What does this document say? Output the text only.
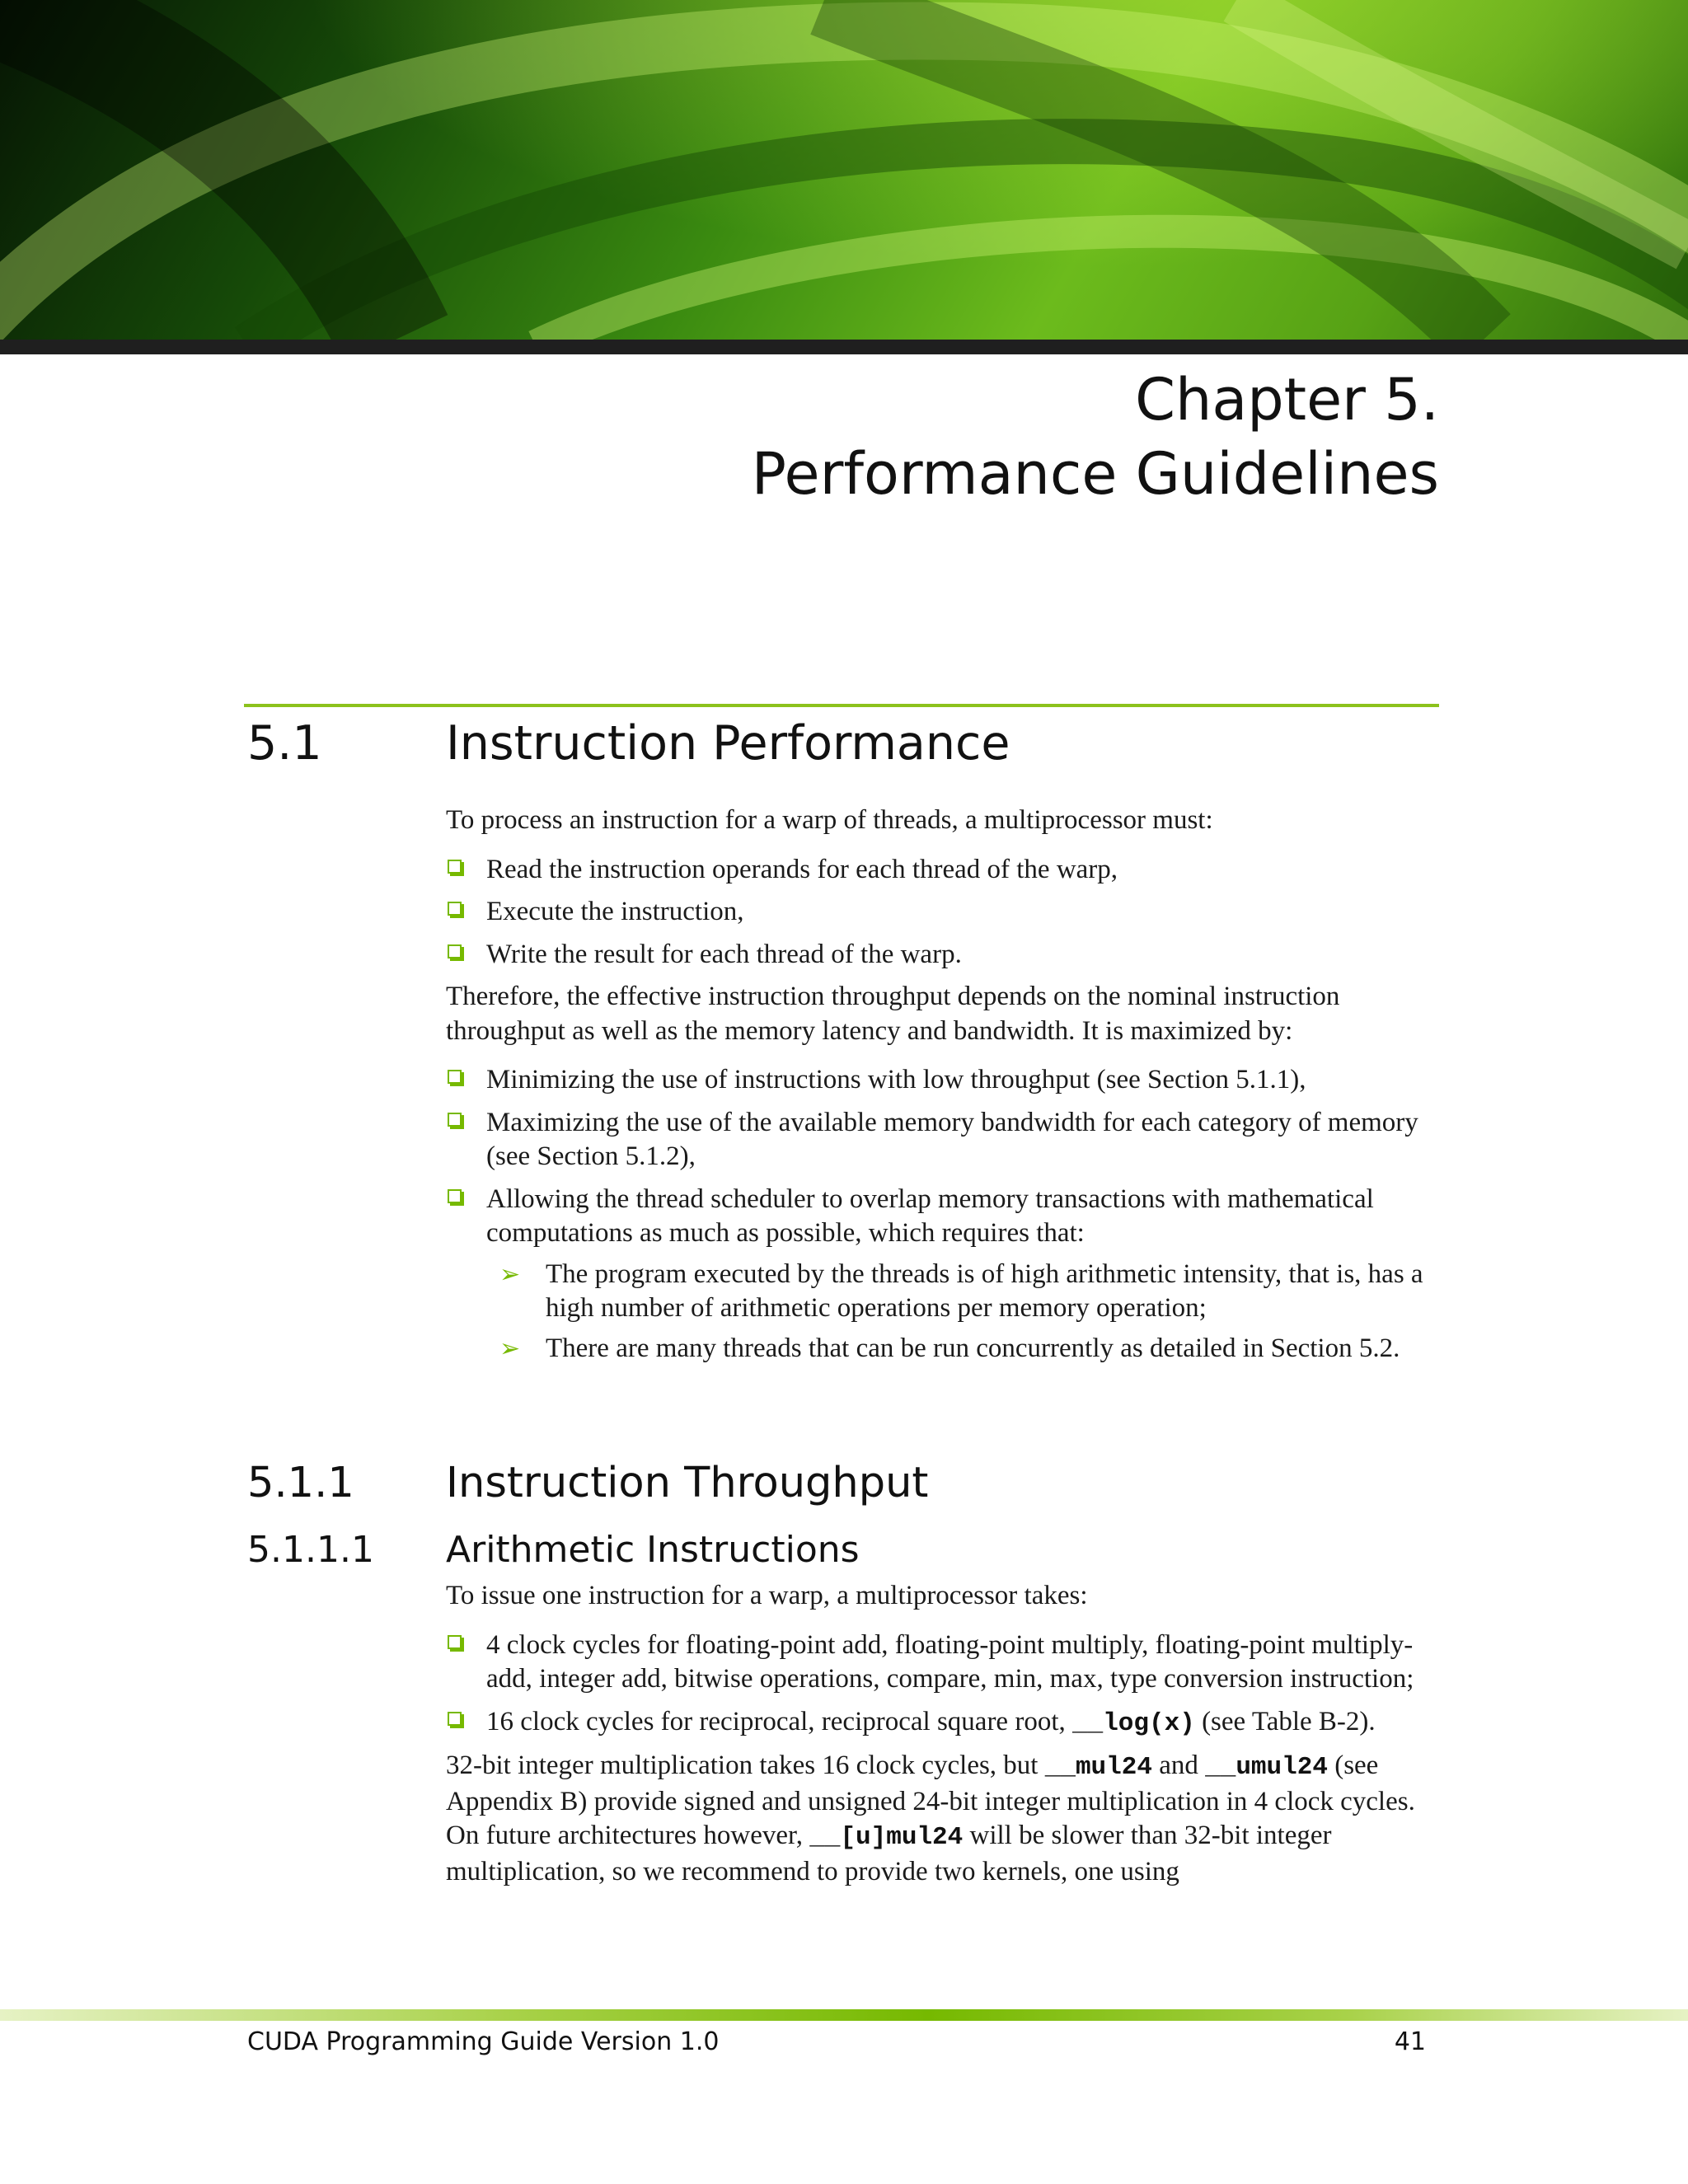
Chapter 5.
Performance Guidelines
5.1	Instruction Performance

To process an instruction for a warp of threads, a multiprocessor must:

Read the instruction operands for each thread of the warp,
Execute the instruction,
Write the result for each thread of the warp.

Therefore, the effective instruction throughput depends on the nominal instruction throughput as well as the memory latency and bandwidth. It is maximized by:

Minimizing the use of instructions with low throughput (see Section 5.1.1),
Maximizing the use of the available memory bandwidth for each category of memory (see Section 5.1.2),
Allowing the thread scheduler to overlap memory transactions with mathematical computations as much as possible, which requires that:
➢ The program executed by the threads is of high arithmetic intensity, that is, has a high number of arithmetic operations per memory operation;
➢ There are many threads that can be run concurrently as detailed in Section 5.2.
5.1.1 Instruction Throughput
5.1.1.1 Arithmetic Instructions

To issue one instruction for a warp, a multiprocessor takes:

4 clock cycles for floating-point add, floating-point multiply, floating-point multiply-add, integer add, bitwise operations, compare, min, max, type conversion instruction;
16 clock cycles for reciprocal, reciprocal square root, __log(x) (see Table B-2).

32-bit integer multiplication takes 16 clock cycles, but __mul24 and __umul24 (see Appendix B) provide signed and unsigned 24-bit integer multiplication in 4 clock cycles. On future architectures however, __[u]mul24 will be slower than 32-bit integer multiplication, so we recommend to provide two kernels, one using

CUDA Programming Guide Version 1.0	41
